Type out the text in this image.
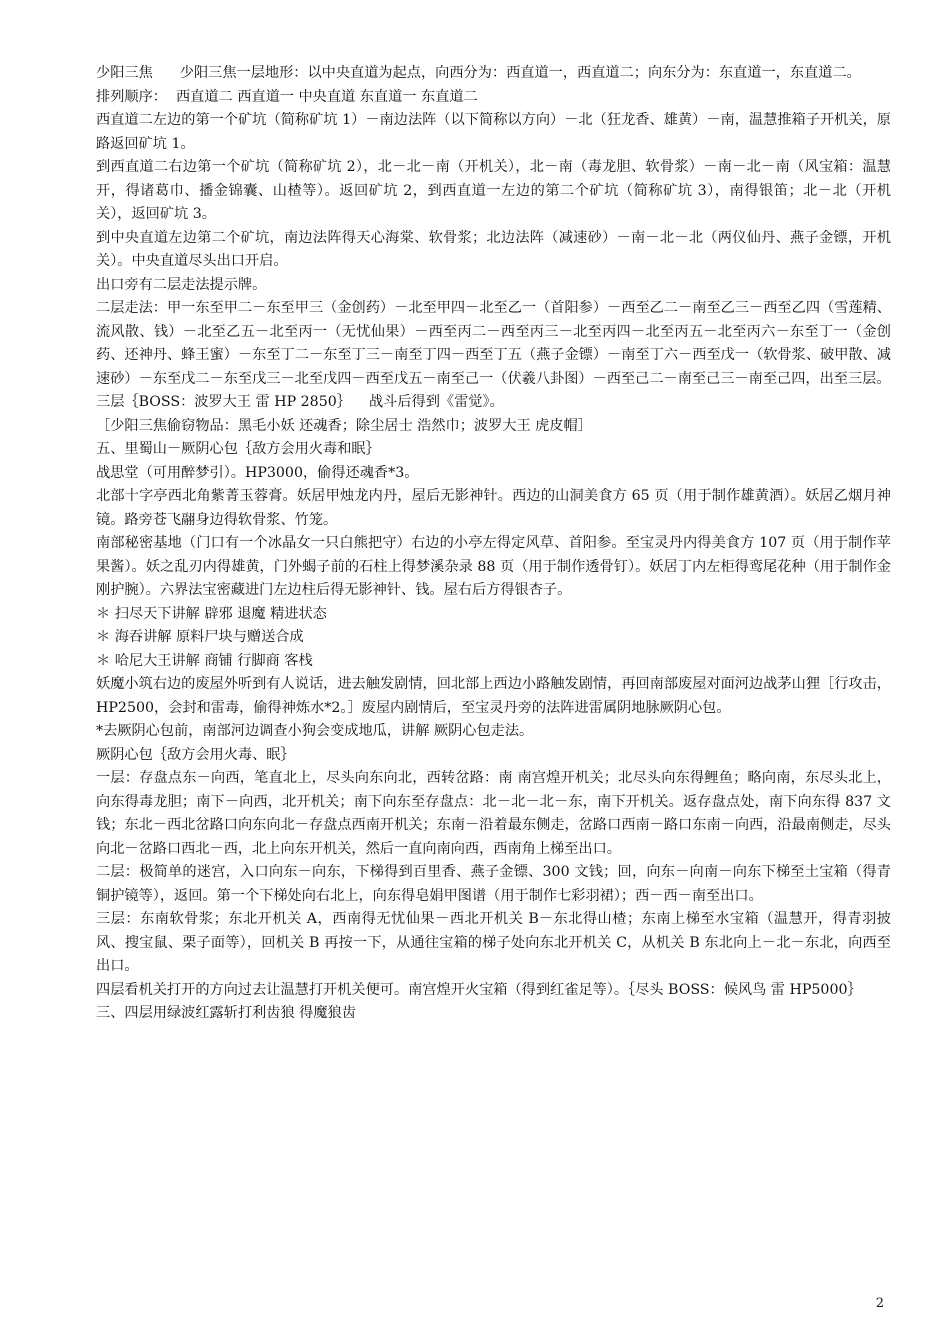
少阳三焦      少阳三焦一层地形：以中央直道为起点，向西分为：西直道一，西直道二；向东分为：东直道一，东直道二。

排列顺序：  西直道二 西直道一 中央直道 东直道一 东直道二

西直道二左边的第一个矿坑（简称矿坑 1）－南边法阵（以下简称以方向）－北（狂龙香、雄黄）－南，温慧推箱子开机关，原路返回矿坑 1。

到西直道二右边第一个矿坑（简称矿坑 2），北－北－南（开机关），北－南（毒龙胆、软骨浆）－南－北－南（风宝箱：温慧开，得诸葛巾、播金锦囊、山楂等）。返回矿坑 2，到西直道一左边的第二个矿坑（简称矿坑 3），南得银笛；北－北（开机关），返回矿坑 3。

到中央直道左边第二个矿坑，南边法阵得天心海棠、软骨浆；北边法阵（减速砂）－南－北－北（两仪仙丹、燕子金镖，开机关）。中央直道尽头出口开启。

出口旁有二层走法提示牌。

二层走法：甲一东至甲二－东至甲三（金创药）－北至甲四－北至乙一（首阳参）－西至乙二－南至乙三－西至乙四（雪莲精、流风散、钱）－北至乙五－北至丙一（无忧仙果）－西至丙二－西至丙三－北至丙四－北至丙五－北至丙六－东至丁一（金创药、还神丹、蜂王蜜）－东至丁二－东至丁三－南至丁四－西至丁五（燕子金镖）－南至丁六－西至戊一（软骨浆、破甲散、减速砂）－东至戊二－东至戊三－北至戊四－西至戊五－南至己一（伏羲八卦图）－西至己二－南至己三－南至己四，出至三层。

三层｛BOSS：波罗大王 雷 HP 2850｝    战斗后得到《雷觉》。

［少阳三焦偷窃物品：黑毛小妖 还魂香；除尘居士 浩然巾；波罗大王 虎皮帽］

五、里蜀山－厥阴心包｛敌方会用火毒和眠｝

战思堂（可用醉梦引）。HP3000，偷得还魂香*3。

北部十字亭西北角紫菁玉蓉膏。妖居甲烛龙内丹，屋后无影神针。西边的山洞美食方 65 页（用于制作雄黄酒）。妖居乙烟月神镜。路旁苍飞翮身边得软骨浆、竹笼。

南部秘密基地（门口有一个冰晶女一只白熊把守）右边的小亭左得定风草、首阳参。至宝灵丹内得美食方 107 页（用于制作苹果酱）。妖之乱刃内得雄黄，门外蝎子前的石柱上得梦溪杂录 88 页（用于制作透骨钉）。妖居丁内左柜得鸾尾花种（用于制作金刚护腕）。六界法宝密藏进门左边柱后得无影神针、钱。屋右后方得银杏子。

＊ 扫尽天下讲解 辟邪 退魔 精进状态

＊ 海吞讲解 原料尸块与赠送合成

＊ 哈尼大王讲解 商铺 行脚商 客栈

妖魔小筑右边的废屋外听到有人说话，进去触发剧情，回北部上西边小路触发剧情，再回南部废屋对面河边战茅山狸［行攻击，HP2500，会封和雷毒，偷得神炼水*2。］废屋内剧情后，至宝灵丹旁的法阵进雷属阴地脉厥阴心包。

*去厥阴心包前，南部河边调查小狗会变成地瓜，讲解 厥阴心包走法。

厥阴心包｛敌方会用火毒、眠｝

一层：存盘点东－向西，笔直北上，尽头向东向北，西转岔路：南 南宫煌开机关；北尽头向东得鲤鱼；略向南，东尽头北上，向东得毒龙胆；南下－向西，北开机关；南下向东至存盘点：北－北－北－东，南下开机关。返存盘点处，南下向东得 837 文钱；东北－西北岔路口向东向北－存盘点西南开机关；东南－沿着最东侧走，岔路口西南－路口东南－向西，沿最南侧走，尽头向北－岔路口西北－西，北上向东开机关，然后一直向南向西，西南角上梯至出口。

二层：极简单的迷宫，入口向东－向东，下梯得到百里香、燕子金镖、300 文钱；回，向东－向南－向东下梯至土宝箱（得青铜护镜等），返回。第一个下梯处向右北上，向东得皂娟甲图谱（用于制作七彩羽裙）；西－西－南至出口。

三层：东南软骨浆；东北开机关 A，西南得无忧仙果－西北开机关 B－东北得山楂；东南上梯至水宝箱（温慧开，得青羽披风、搜宝鼠、栗子面等），回机关 B 再按一下，从通往宝箱的梯子处向东北开机关 C，从机关 B 东北向上－北－东北，向西至出口。

四层看机关打开的方向过去让温慧打开机关便可。南宫煌开火宝箱（得到红雀足等）。｛尽头 BOSS：候风鸟 雷 HP5000｝

三、四层用绿波红露斩打利齿狼 得魔狼齿

2
